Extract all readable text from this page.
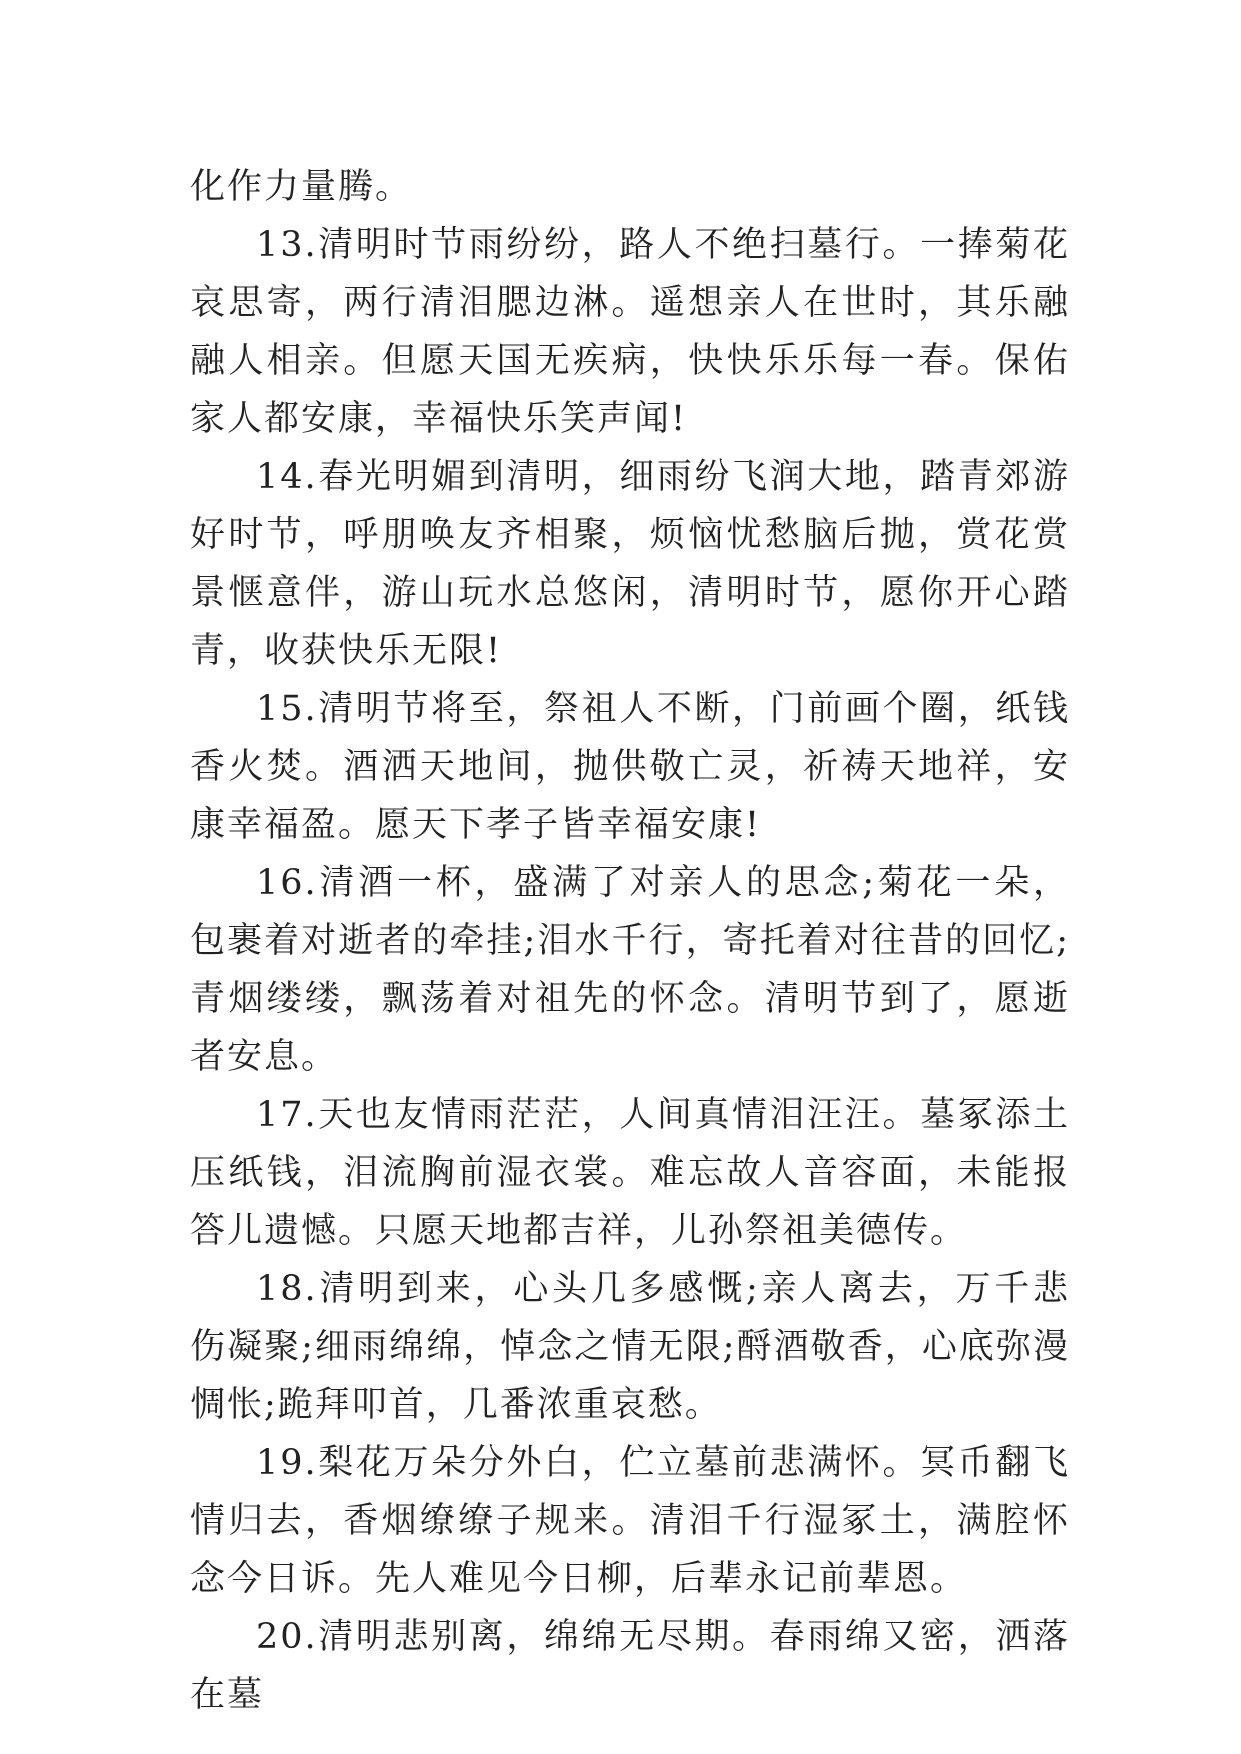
化作力量腾。

13.清明时节雨纷纷，路人不绝扫墓行。一捧菊花哀思寄，两行清泪腮边淋。遥想亲人在世时，其乐融融人相亲。但愿天国无疾病，快快乐乐每一春。保佑家人都安康，幸福快乐笑声闻!

14.春光明媚到清明，细雨纷飞润大地，踏青郊游好时节，呼朋唤友齐相聚，烦恼忧愁脑后抛，赏花赏景惬意伴，游山玩水总悠闲，清明时节，愿你开心踏青，收获快乐无限!

15.清明节将至，祭祖人不断，门前画个圈，纸钱香火焚。酒洒天地间，抛供敬亡灵，祈祷天地祥，安康幸福盈。愿天下孝子皆幸福安康!

16.清酒一杯，盛满了对亲人的思念;菊花一朵，包裹着对逝者的牵挂;泪水千行，寄托着对往昔的回忆;青烟缕缕，飘荡着对祖先的怀念。清明节到了，愿逝者安息。

17.天也友情雨茫茫，人间真情泪汪汪。墓冢添土压纸钱，泪流胸前湿衣裳。难忘故人音容面，未能报答儿遗憾。只愿天地都吉祥，儿孙祭祖美德传。

18.清明到来，心头几多感慨;亲人离去，万千悲伤凝聚;细雨绵绵，悼念之情无限;酹酒敬香，心底弥漫惆怅;跪拜叩首，几番浓重哀愁。

19.梨花万朵分外白，伫立墓前悲满怀。冥币翻飞情归去，香烟缭缭子规来。清泪千行湿冢土，满腔怀念今日诉。先人难见今日柳，后辈永记前辈恩。

20.清明悲别离，绵绵无尽期。春雨绵又密，洒落在墓
